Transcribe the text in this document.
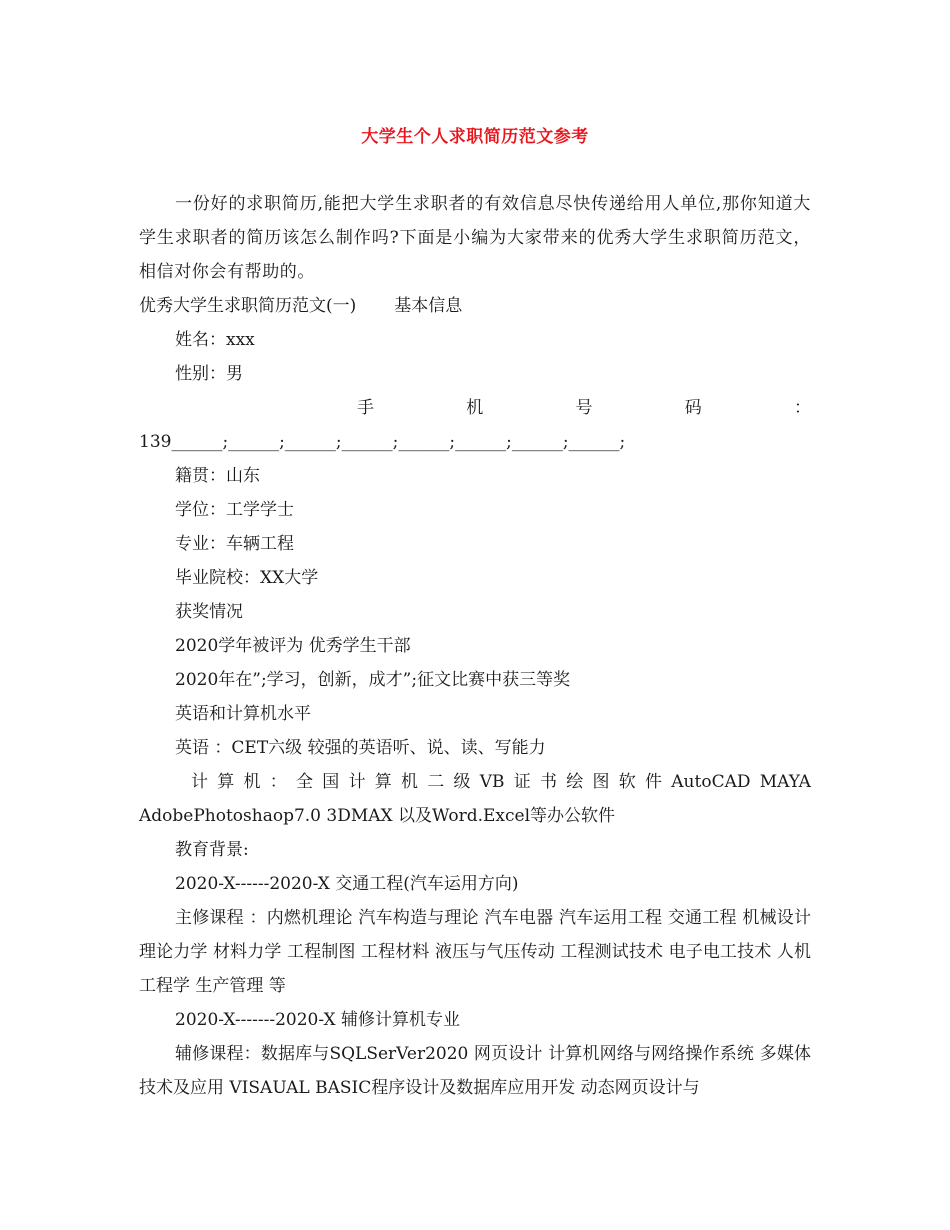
大学生个人求职简历范文参考

一份好的求职简历,能把大学生求职者的有效信息尽快传递给用人单位,那你知道大学生求职者的简历该怎么制作吗?下面是小编为大家带来的优秀大学生求职简历范文，相信对你会有帮助的。

优秀大学生求职简历范文(一) 基本信息

姓名：xxx

性别：男

手	机	号	码	：

139______;______;______;______;______;______;______;______;

籍贯：山东

学位：工学学士

专业：车辆工程

毕业院校：XX大学

获奖情况

2020学年被评为 优秀学生干部

2020年在”;学习，创新，成才”;征文比赛中获三等奖

英语和计算机水平

英语 ：CET六级 较强的英语听、说、读、写能力

计 算 机 ： 全 国 计 算 机 二 级 VB 证 书 绘 图 软 件 AutoCAD MAYA

AdobePhotoshaop7.0 3DMAX 以及Word.Excel等办公软件

教育背景:

2020-X------2020-X 交通工程(汽车运用方向)

主修课程 ：内燃机理论 汽车构造与理论 汽车电器 汽车运用工程 交通工程 机械设计 理论力学 材料力学 工程制图 工程材料 液压与气压传动 工程测试技术 电子电工技术 人机工程学 生产管理 等

2020-X-------2020-X 辅修计算机专业

辅修课程：数据库与SQLSerVer2020 网页设计 计算机网络与网络操作系统 多媒体技术及应用 VISAUAL BASIC程序设计及数据库应用开发 动态网页设计与
